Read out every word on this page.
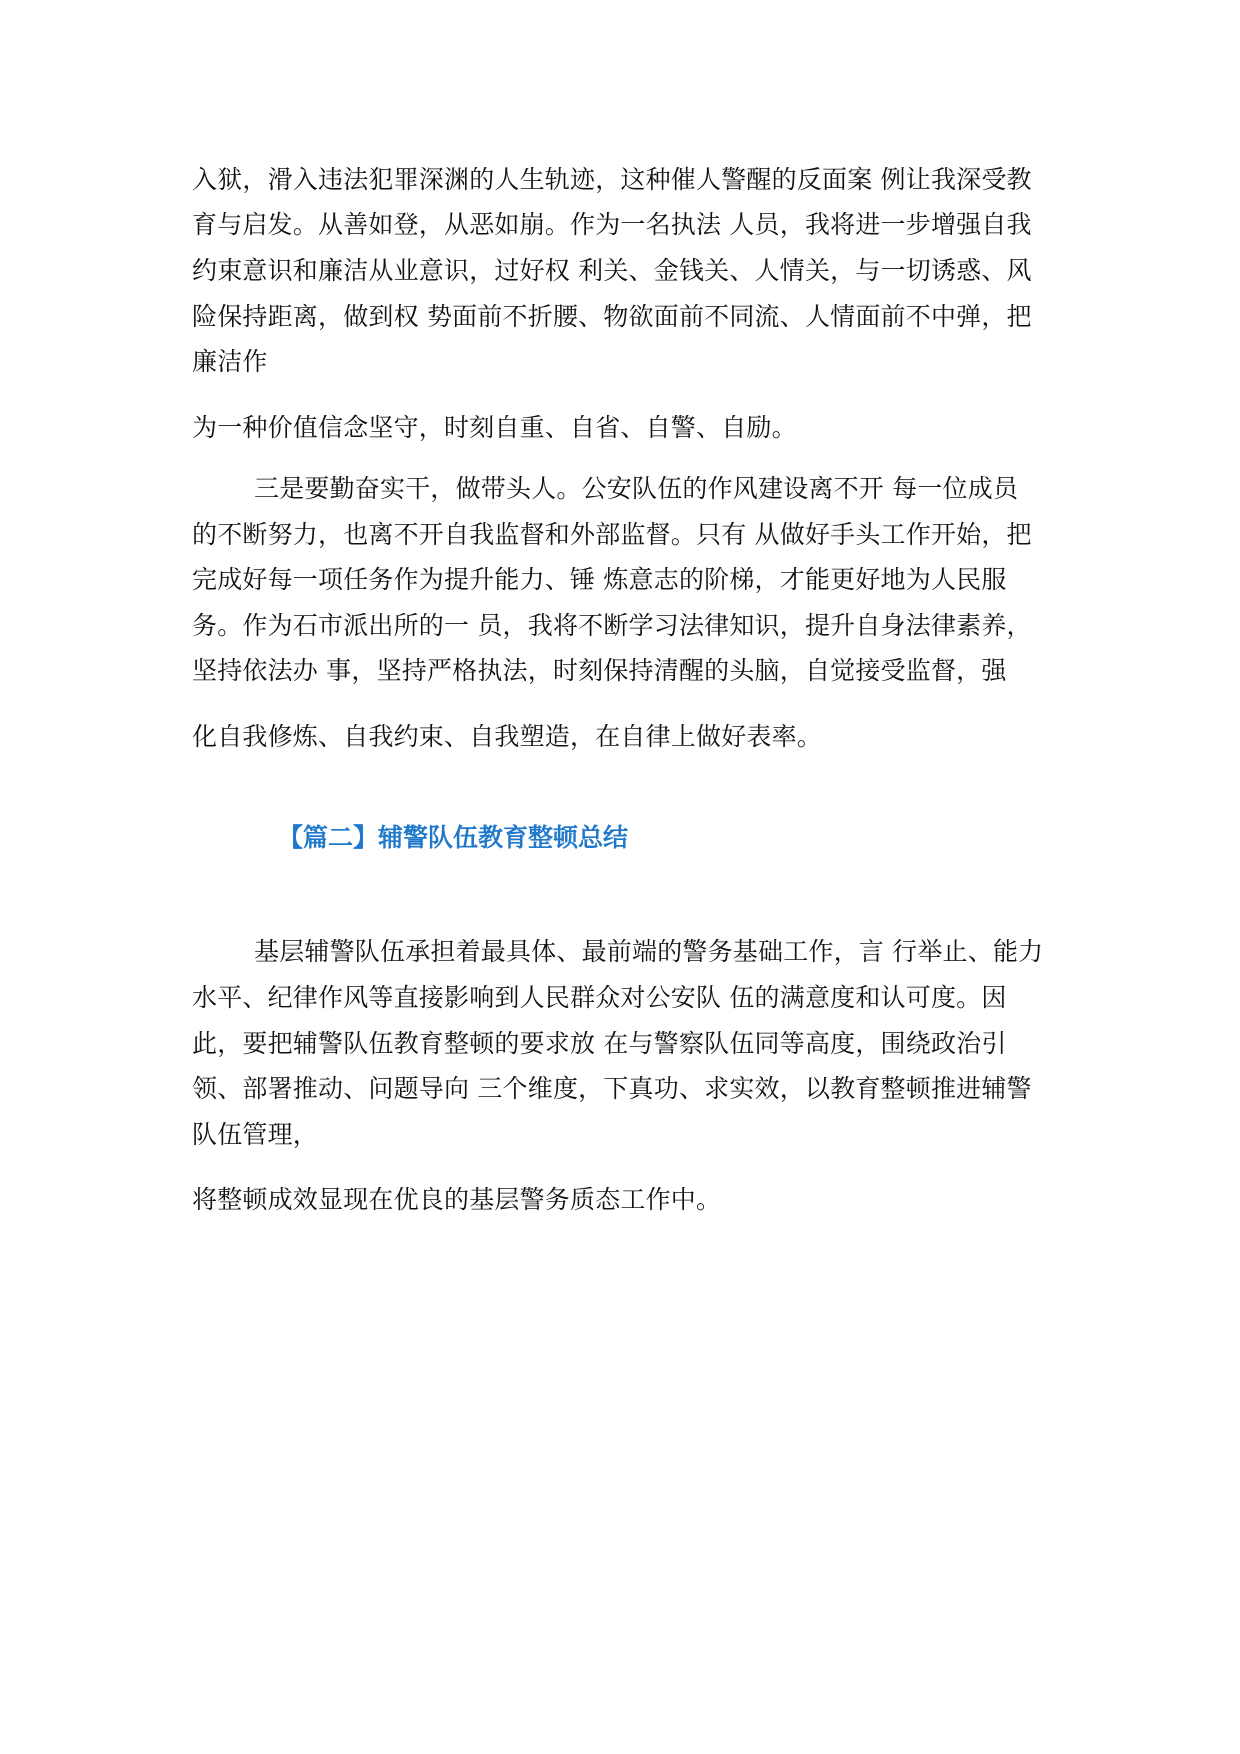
入狱，滑入违法犯罪深渊的人生轨迹，这种催人警醒的反面案 例让我深受教
育与启发。从善如登，从恶如崩。作为一名执法 人员，我将进一步增强自我
约束意识和廉洁从业意识，过好权 利关、金钱关、人情关，与一切诱惑、风
险保持距离，做到权 势面前不折腰、物欲面前不同流、人情面前不中弹，把
廉洁作
为一种价值信念坚守，时刻自重、自省、自警、自励。
三是要勤奋实干，做带头人。公安队伍的作风建设离不开 每一位成员
的不断努力，也离不开自我监督和外部监督。只有 从做好手头工作开始，把
完成好每一项任务作为提升能力、锤 炼意志的阶梯，才能更好地为人民服
务。作为石市派出所的一 员，我将不断学习法律知识，提升自身法律素养，
坚持依法办 事，坚持严格执法，时刻保持清醒的头脑，自觉接受监督，强
化自我修炼、自我约束、自我塑造，在自律上做好表率。
【篇二】辅警队伍教育整顿总结
基层辅警队伍承担着最具体、最前端的警务基础工作，言 行举止、能力
水平、纪律作风等直接影响到人民群众对公安队 伍的满意度和认可度。因
此，要把辅警队伍教育整顿的要求放 在与警察队伍同等高度，围绕政治引
领、部署推动、问题导向 三个维度，下真功、求实效，以教育整顿推进辅警
队伍管理，
将整顿成效显现在优良的基层警务质态工作中。
